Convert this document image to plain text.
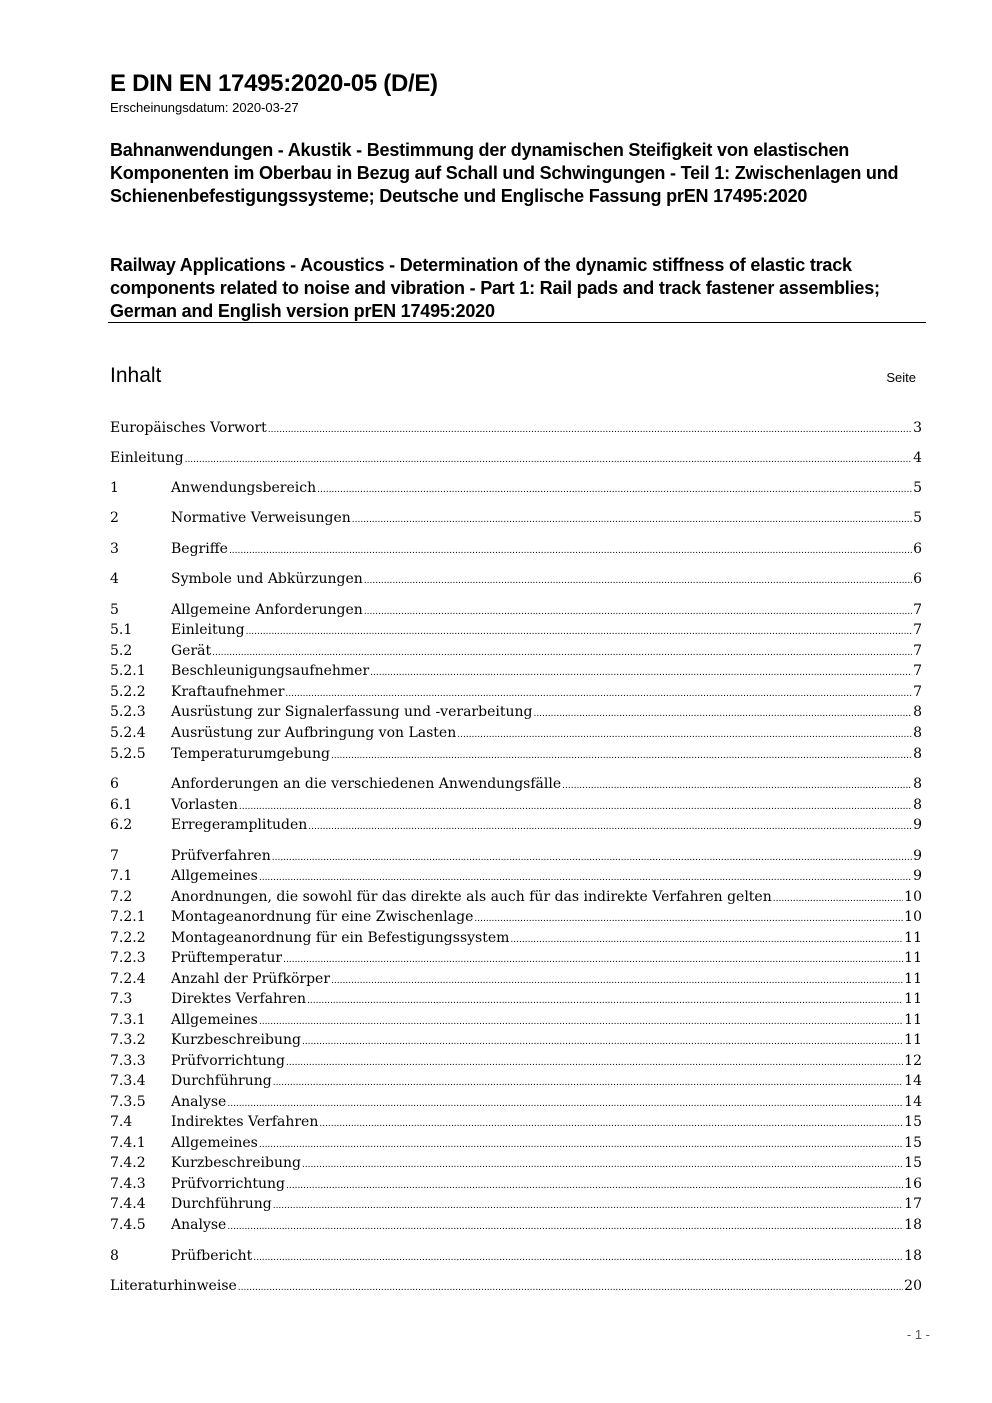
E DIN EN 17495:2020-05 (D/E)
Erscheinungsdatum: 2020-03-27
Bahnanwendungen - Akustik - Bestimmung der dynamischen Steifigkeit von elastischen Komponenten im Oberbau in Bezug auf Schall und Schwingungen - Teil 1: Zwischenlagen und Schienenbefestigungssysteme; Deutsche und Englische Fassung prEN 17495:2020
Railway Applications - Acoustics - Determination of the dynamic stiffness of elastic track components related to noise and vibration - Part 1: Rail pads and track fastener assemblies; German and English version prEN 17495:2020
Inhalt	Seite
Europäisches Vorwort .....	3
Einleitung .....	4
1	Anwendungsbereich .....	5
2	Normative Verweisungen .....	5
3	Begriffe .....	6
4	Symbole und Abkürzungen .....	6
5	Allgemeine Anforderungen .....	7
5.1	Einleitung .....	7
5.2	Gerät .....	7
5.2.1	Beschleunigungsaufnehmer .....	7
5.2.2	Kraftaufnehmer .....	7
5.2.3	Ausrüstung zur Signalerfassung und -verarbeitung .....	8
5.2.4	Ausrüstung zur Aufbringung von Lasten .....	8
5.2.5	Temperaturumgebung .....	8
6	Anforderungen an die verschiedenen Anwendungsfälle .....	8
6.1	Vorlasten .....	8
6.2	Erregeramplituden .....	9
7	Prüfverfahren .....	9
7.1	Allgemeines .....	9
7.2	Anordnungen, die sowohl für das direkte als auch für das indirekte Verfahren gelten .....	10
7.2.1	Montageanordnung für eine Zwischenlage .....	10
7.2.2	Montageanordnung für ein Befestigungssystem .....	11
7.2.3	Prüftemperatur .....	11
7.2.4	Anzahl der Prüfkörper .....	11
7.3	Direktes Verfahren .....	11
7.3.1	Allgemeines .....	11
7.3.2	Kurzbeschreibung .....	11
7.3.3	Prüfvorrichtung .....	12
7.3.4	Durchführung .....	14
7.3.5	Analyse .....	14
7.4	Indirektes Verfahren .....	15
7.4.1	Allgemeines .....	15
7.4.2	Kurzbeschreibung .....	15
7.4.3	Prüfvorrichtung .....	16
7.4.4	Durchführung .....	17
7.4.5	Analyse .....	18
8	Prüfbericht .....	18
Literaturhinweise .....	20
- 1 -
